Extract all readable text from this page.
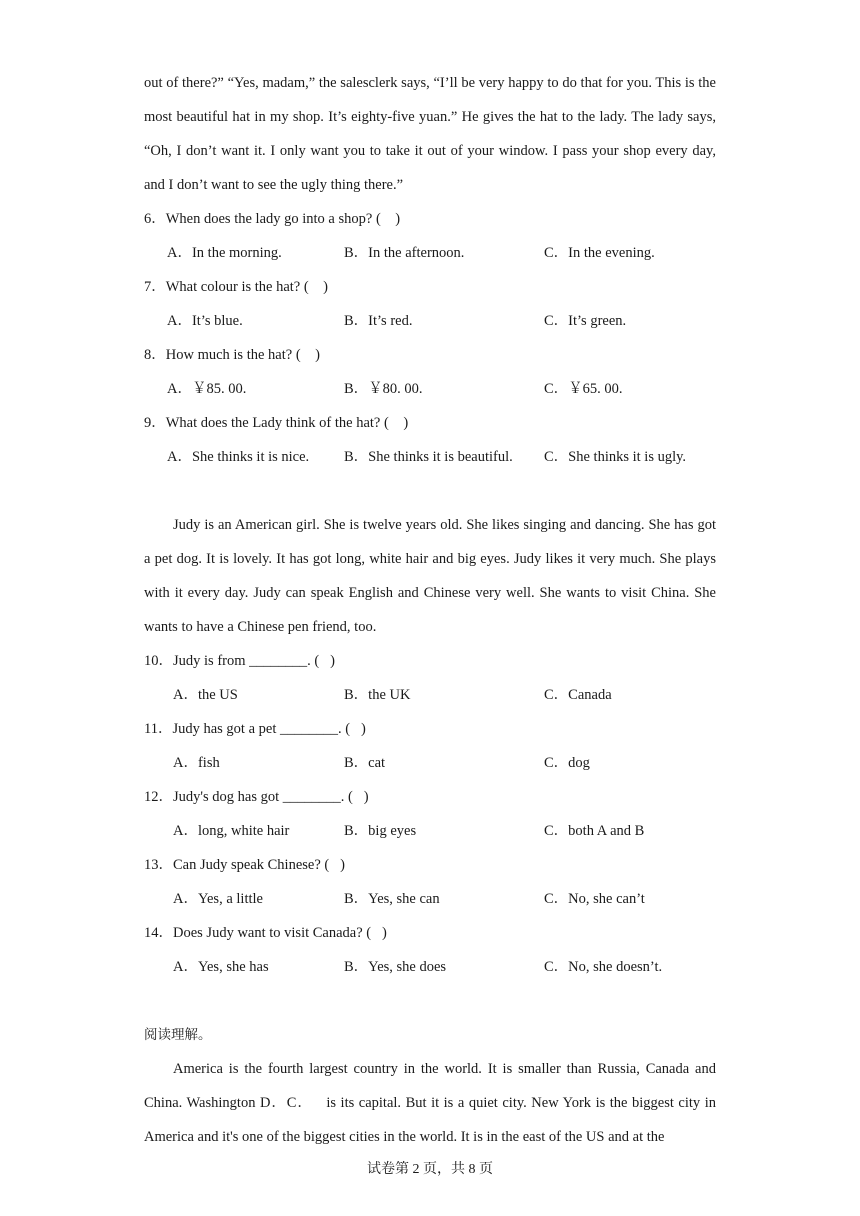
out of there?” “Yes, madam,” the salesclerk says, “I’ll be very happy to do that for you. This is the most beautiful hat in my shop. It’s eighty-five yuan.” He gives the hat to the lady. The lady says, “Oh, I don’t want it. I only want you to take it out of your window. I pass your shop every day, and I don’t want to see the ugly thing there.”

6．When does the lady go into a shop? (    )
A．In the morning.	B．In the afternoon.	C．In the evening.
7．What colour is the hat? (    )
A．It’s blue.	B．It’s red.	C．It’s green.
8．How much is the hat? (    )
A．￥85. 00.	B．￥80. 00.	C．￥65. 00.
9．What does the Lady think of the hat? (    )
A．She thinks it is nice. B．She thinks it is beautiful. C．She thinks it is ugly.

Judy is an American girl. She is twelve years old. She likes singing and dancing. She has got a pet dog. It is lovely. It has got long, white hair and big eyes. Judy likes it very much. She plays with it every day. Judy can speak English and Chinese very well. She wants to visit China. She wants to have a Chinese pen friend, too.

10．Judy is from ________. (   )
A．the US	B．the UK	C．Canada
11．Judy has got a pet ________. (   )
A．fish	B．cat	C．dog
12．Judy's dog has got ________. (   )
A．long, white hair	B．big eyes	C．both A and B
13．Can Judy speak Chinese? (   )
A．Yes, a little	B．Yes, she can	C．No, she can’t
14．Does Judy want to visit Canada? (   )
A．Yes, she has	B．Yes, she does	C．No, she doesn’t.
阅读理解。

America is the fourth largest country in the world. It is smaller than Russia, Canada and China. Washington D．C．   is its capital. But it is a quiet city. New York is the biggest city in America and it's one of the biggest cities in the world. It is in the east of the US and at the

试卷第 2 页，共 8 页
